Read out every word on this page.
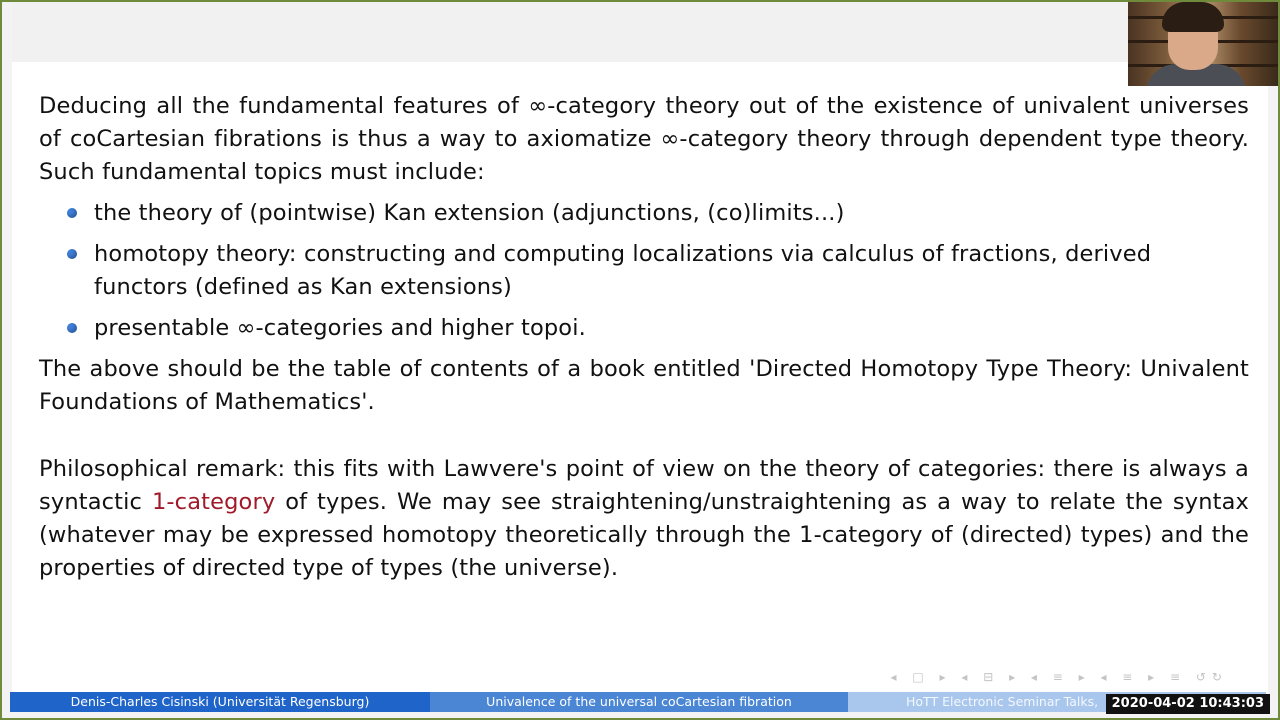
Deducing all the fundamental features of ∞-category theory out of the existence of univalent universes of coCartesian fibrations is thus a way to axiomatize ∞-category theory through dependent type theory. Such fundamental topics must include:

the theory of (pointwise) Kan extension (adjunctions, (co)limits...)
homotopy theory: constructing and computing localizations via calculus of fractions, derived functors (defined as Kan extensions)
presentable ∞-categories and higher topoi.

The above should be the table of contents of a book entitled 'Directed Homotopy Type Theory: Univalent Foundations of Mathematics'.

Philosophical remark: this fits with Lawvere's point of view on the theory of categories: there is always a syntactic 1-category of types. We may see straightening/unstraightening as a way to relate the syntax (whatever may be expressed homotopy theoretically through the 1-category of (directed) types) and the properties of directed type of types (the universe).

◂ □ ▸ ◂ ⊟ ▸ ◂ ≡ ▸ ◂ ≡ ▸ ≡ ↺↻
Denis-Charles Cisinski (Universität Regensburg)	Univalence of the universal coCartesian fibration	HoTT Electronic Seminar Talks,	2020-04-02 10:43:03
